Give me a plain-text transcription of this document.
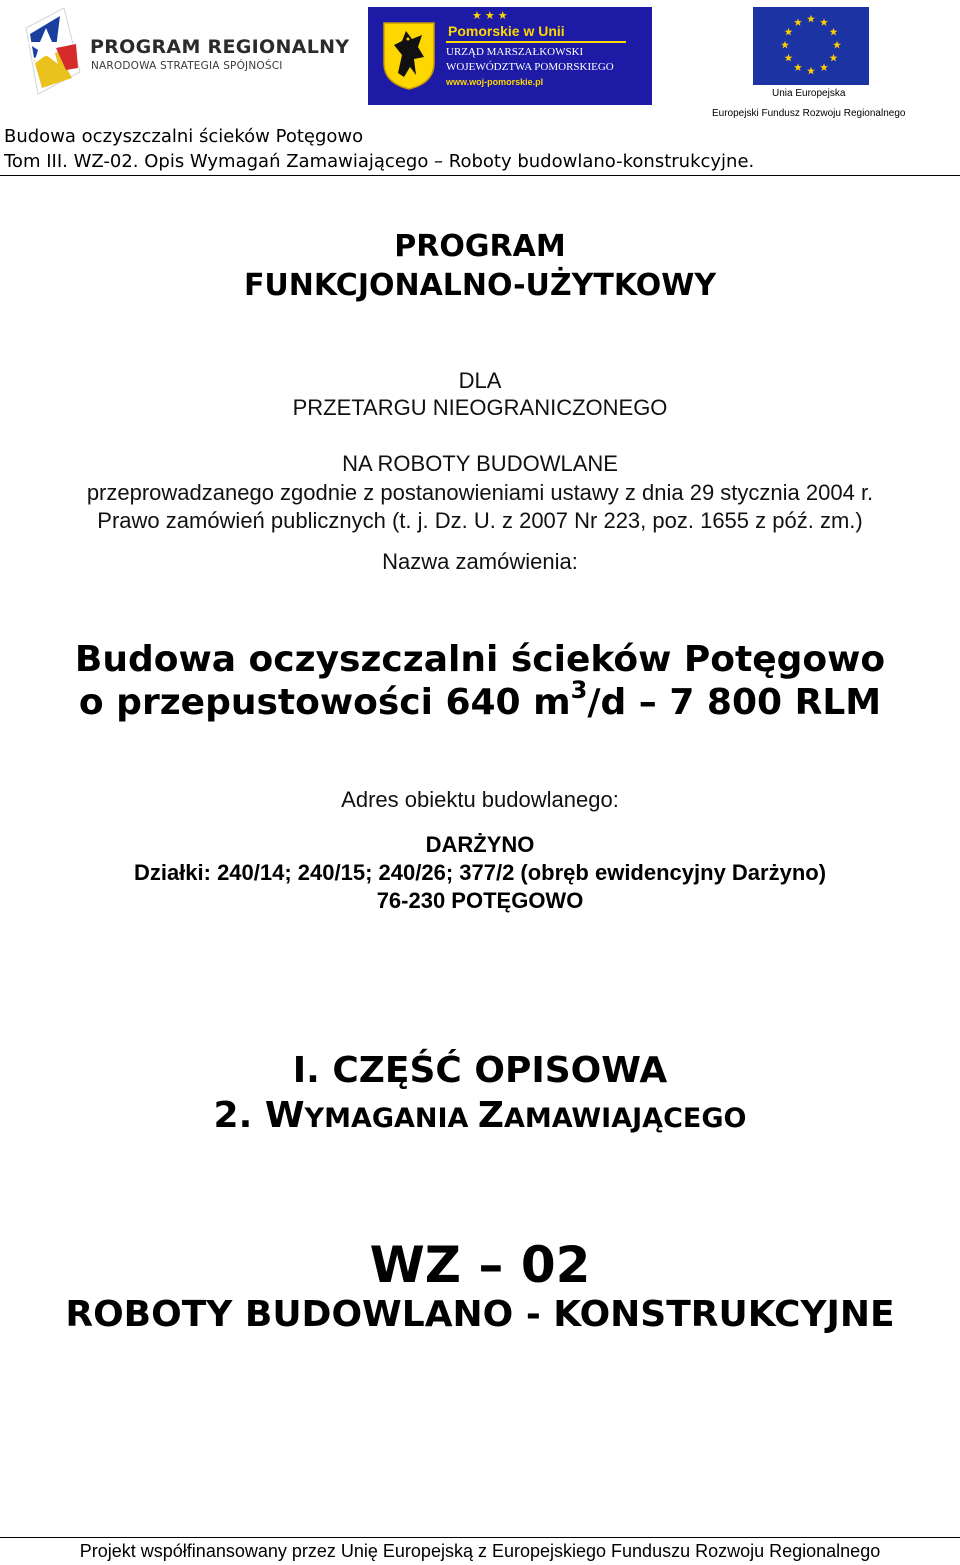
PROGRAM REGIONALNY
NARODOWA STRATEGIA SPÓJNOŚCI
★★★
Pomorskie w Unii
URZĄD MARSZAŁKOWSKI
WOJEWÓDZTWA POMORSKIEGO
www.woj-pomorskie.pl
Unia Europejska
Europejski Fundusz Rozwoju Regionalnego
Budowa oczyszczalni ścieków Potęgowo
Tom III. WZ-02. Opis Wymagań Zamawiającego – Roboty budowlano-konstrukcyjne.
PROGRAM
FUNKCJONALNO-UŻYTKOWY
DLA
PRZETARGU NIEOGRANICZONEGO
NA ROBOTY BUDOWLANE
przeprowadzanego zgodnie z postanowieniami ustawy z dnia 29 stycznia 2004 r.
Prawo zamówień publicznych (t. j. Dz. U. z 2007 Nr 223, poz. 1655 z póź. zm.)
Nazwa zamówienia:
Budowa oczyszczalni ścieków Potęgowo
o przepustowości 640 $m^3/d - 7$ 800 RLM
Adres obiektu budowlanego:
DARŻYNO
Działki: 240/14; 240/15; 240/26; 377/2 (obręb ewidencyjny Darżyno)
76-230 POTĘGOWO
I. CZĘŚĆ OPISOWA
2. WYMAGANIA ZAMAWIAJĄCEGO
WZ – 02
ROBOTY BUDOWLANO - KONSTRUKCYJNE
Projekt współfinansowany przez Unię Europejską z Europejskiego Funduszu Rozwoju Regionalnego
